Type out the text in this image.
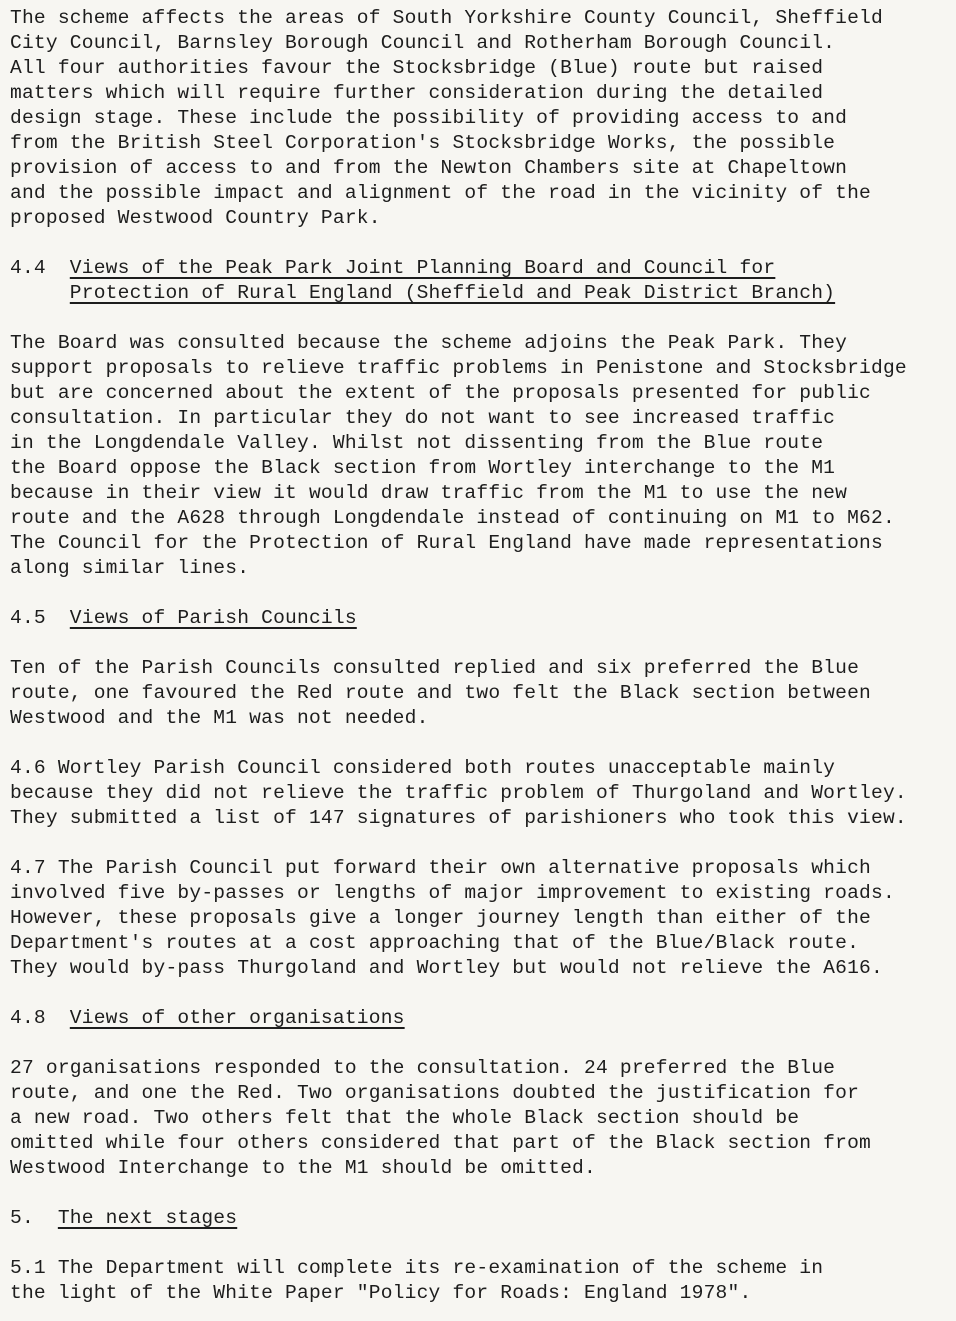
The scheme affects the areas of South Yorkshire County Council, Sheffield
City Council, Barnsley Borough Council and Rotherham Borough Council.
All four authorities favour the Stocksbridge (Blue) route but raised
matters which will require further consideration during the detailed
design stage. These include the possibility of providing access to and
from the British Steel Corporation's Stocksbridge Works, the possible
provision of access to and from the Newton Chambers site at Chapeltown
and the possible impact and alignment of the road in the vicinity of the
proposed Westwood Country Park.
4.4 Views of the Peak Park Joint Planning Board and Council for
Protection of Rural England (Sheffield and Peak District Branch)
The Board was consulted because the scheme adjoins the Peak Park. They
support proposals to relieve traffic problems in Penistone and Stocksbridge
but are concerned about the extent of the proposals presented for public
consultation. In particular they do not want to see increased traffic
in the Longdendale Valley. Whilst not dissenting from the Blue route
the Board oppose the Black section from Wortley interchange to the M1
because in their view it would draw traffic from the M1 to use the new
route and the A628 through Longdendale instead of continuing on M1 to M62.
The Council for the Protection of Rural England have made representations
along similar lines.
4.5 Views of Parish Councils
Ten of the Parish Councils consulted replied and six preferred the Blue
route, one favoured the Red route and two felt the Black section between
Westwood and the M1 was not needed.
4.6 Wortley Parish Council considered both routes unacceptable mainly
because they did not relieve the traffic problem of Thurgoland and Wortley.
They submitted a list of 147 signatures of parishioners who took this view.
4.7 The Parish Council put forward their own alternative proposals which
involved five by-passes or lengths of major improvement to existing roads.
However, these proposals give a longer journey length than either of the
Department's routes at a cost approaching that of the Blue/Black route.
They would by-pass Thurgoland and Wortley but would not relieve the A616.
4.8 Views of other organisations
27 organisations responded to the consultation. 24 preferred the Blue
route, and one the Red. Two organisations doubted the justification for
a new road. Two others felt that the whole Black section should be
omitted while four others considered that part of the Black section from
Westwood Interchange to the M1 should be omitted.
5. The next stages
5.1 The Department will complete its re-examination of the scheme in
the light of the White Paper "Policy for Roads: England 1978".
